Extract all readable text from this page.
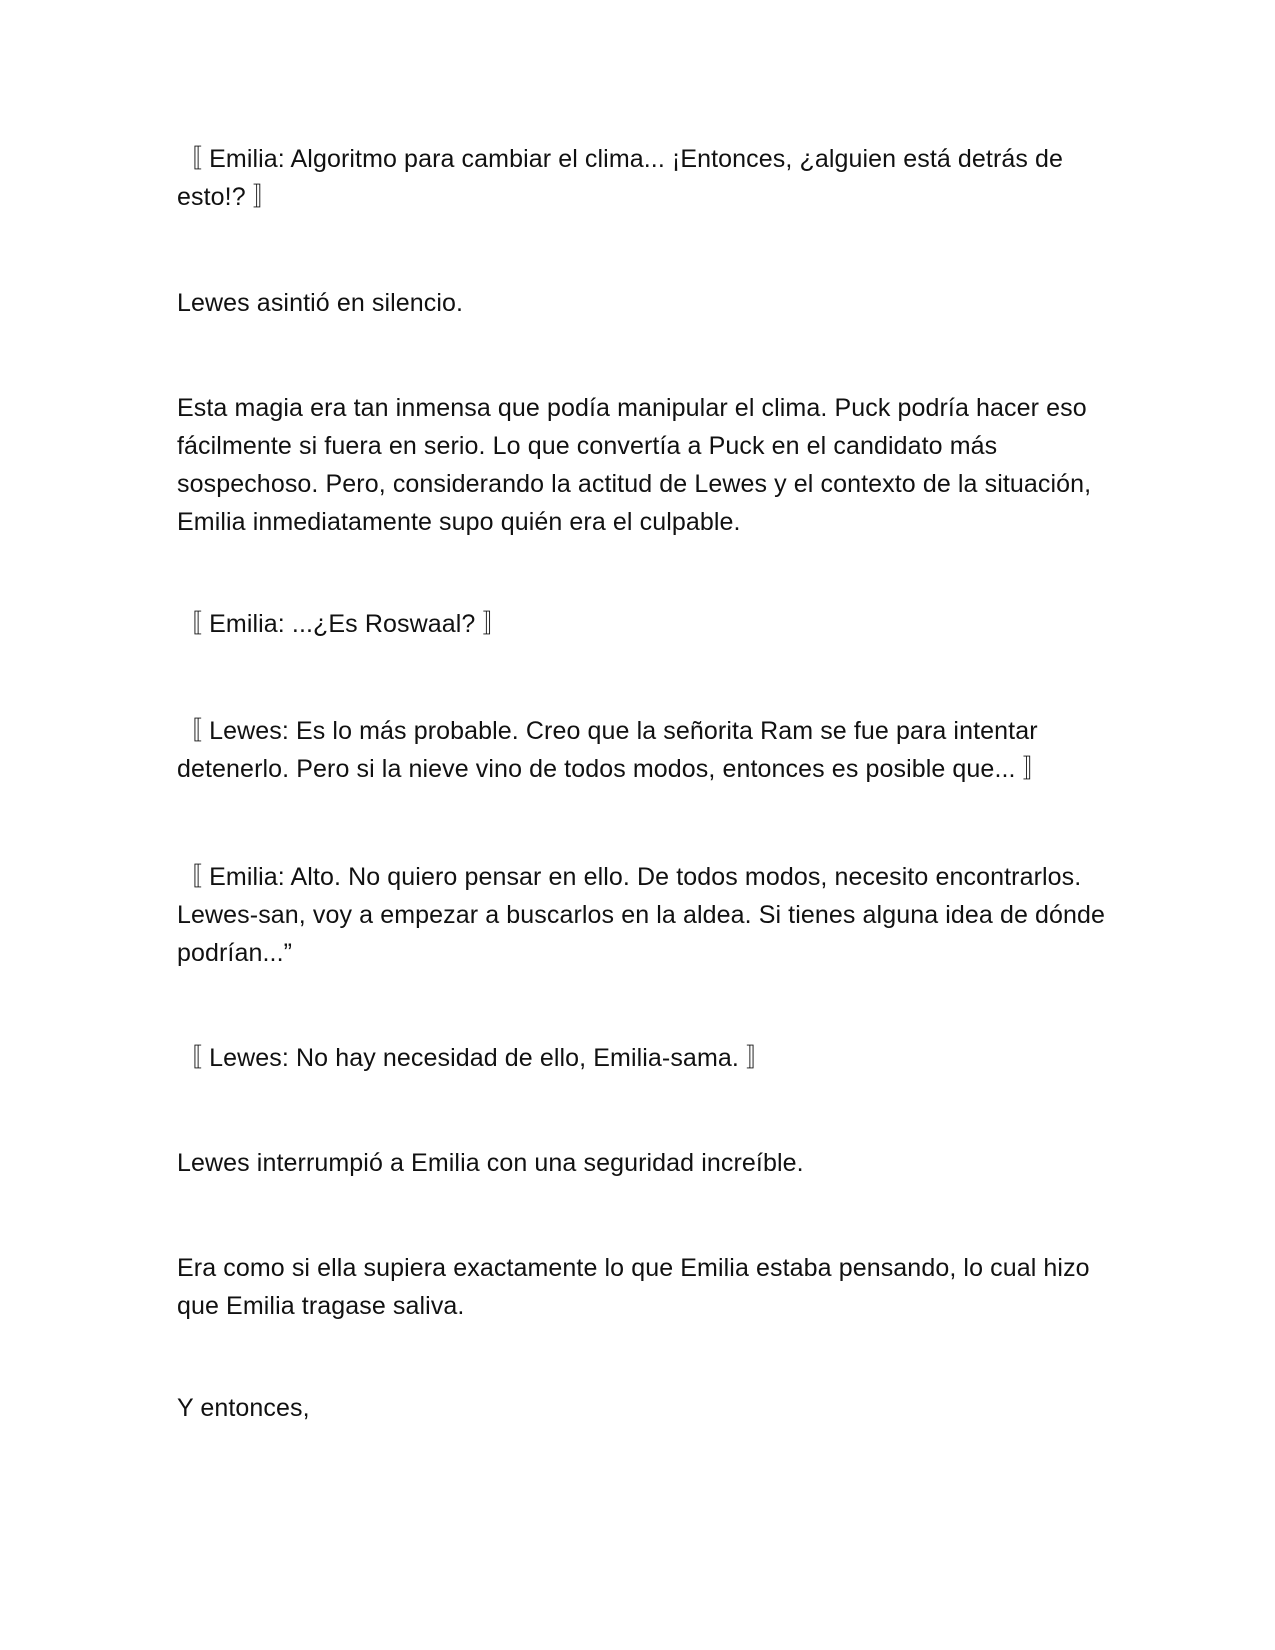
〚 Emilia: Algoritmo para cambiar el clima... ¡Entonces, ¿alguien está detrás de esto!? 〛

Lewes asintió en silencio.

Esta magia era tan inmensa que podía manipular el clima. Puck podría hacer eso fácilmente si fuera en serio. Lo que convertía a Puck en el candidato más sospechoso. Pero, considerando la actitud de Lewes y el contexto de la situación, Emilia inmediatamente supo quién era el culpable.

〚 Emilia: ...¿Es Roswaal? 〛

〚 Lewes: Es lo más probable. Creo que la señorita Ram se fue para intentar detenerlo. Pero si la nieve vino de todos modos, entonces es posible que... 〛

〚 Emilia: Alto. No quiero pensar en ello. De todos modos, necesito encontrarlos. Lewes-san, voy a empezar a buscarlos en la aldea. Si tienes alguna idea de dónde podrían...”

〚 Lewes: No hay necesidad de ello, Emilia-sama. 〛

Lewes interrumpió a Emilia con una seguridad increíble.

Era como si ella supiera exactamente lo que Emilia estaba pensando, lo cual hizo que Emilia tragase saliva.

Y entonces,
